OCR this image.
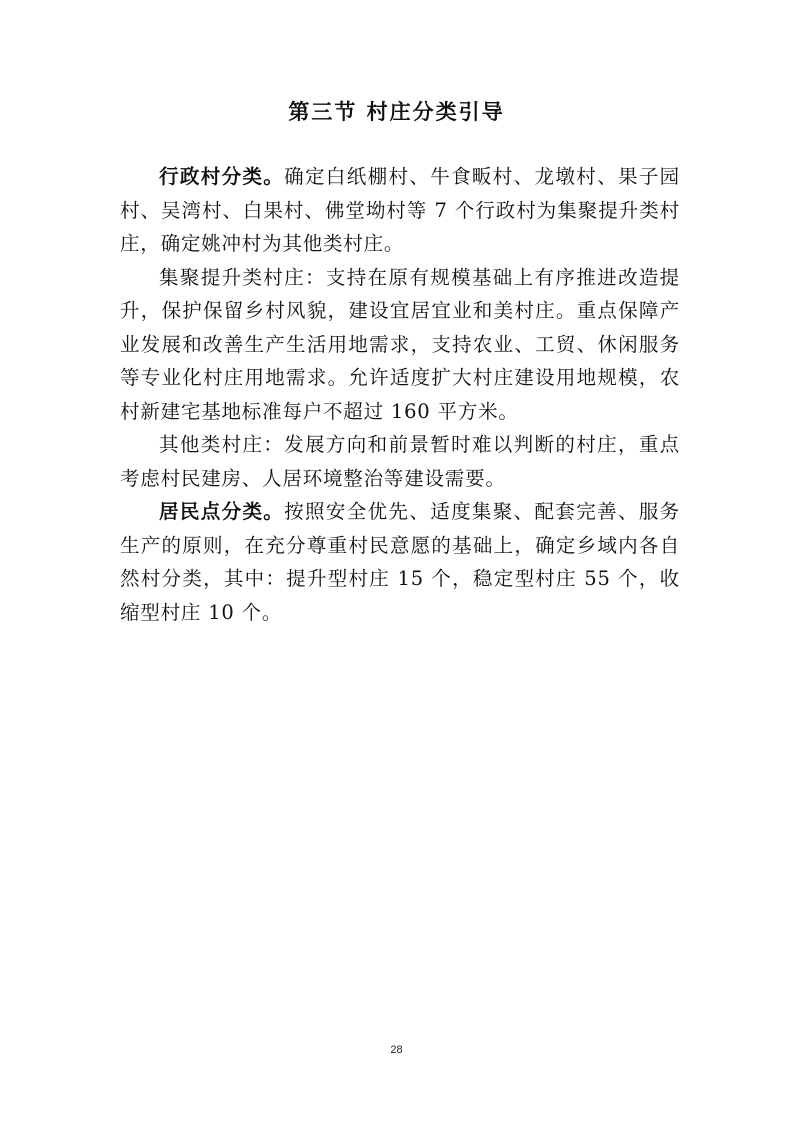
第三节 村庄分类引导

行政村分类。确定白纸棚村、牛食畈村、龙墩村、果子园村、吴湾村、白果村、佛堂坳村等 7 个行政村为集聚提升类村庄，确定姚冲村为其他类村庄。

集聚提升类村庄：支持在原有规模基础上有序推进改造提升，保护保留乡村风貌，建设宜居宜业和美村庄。重点保障产业发展和改善生产生活用地需求，支持农业、工贸、休闲服务等专业化村庄用地需求。允许适度扩大村庄建设用地规模，农村新建宅基地标准每户不超过 160 平方米。

其他类村庄：发展方向和前景暂时难以判断的村庄，重点考虑村民建房、人居环境整治等建设需要。

居民点分类。按照安全优先、适度集聚、配套完善、服务生产的原则，在充分尊重村民意愿的基础上，确定乡域内各自然村分类，其中：提升型村庄 15 个，稳定型村庄 55 个，收缩型村庄 10 个。

28
